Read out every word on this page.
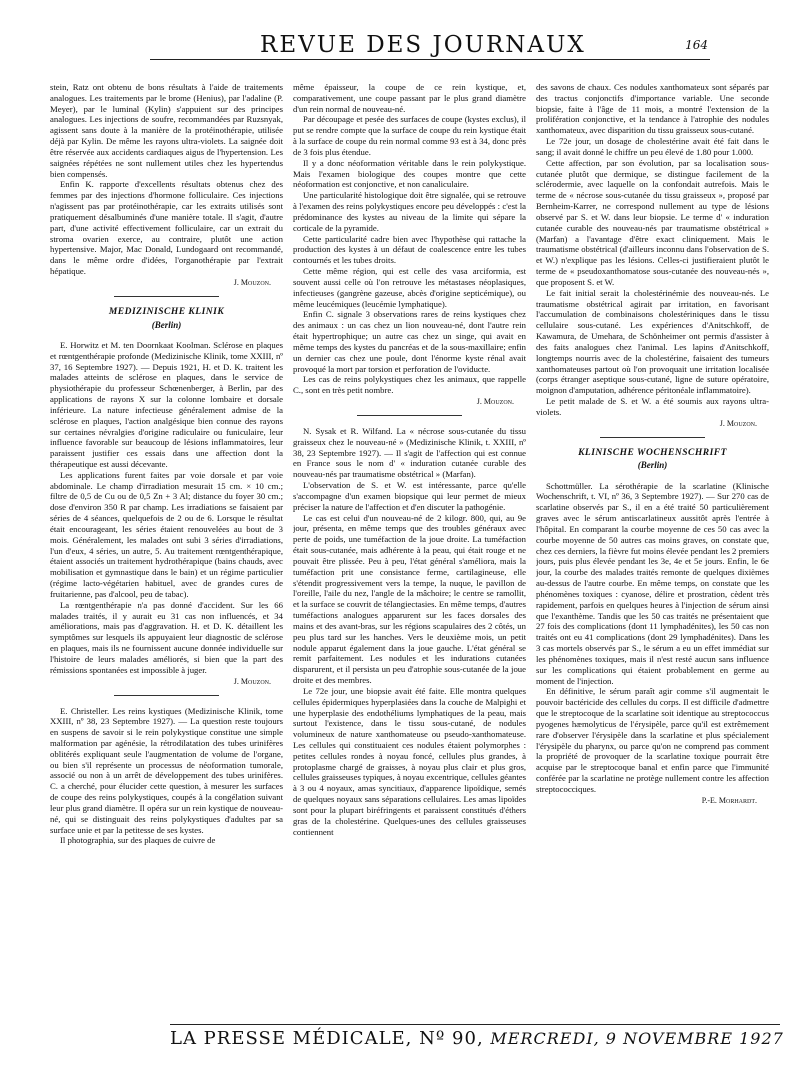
REVUE DES JOURNAUX	164

stein, Ratz ont obtenu de bons résultats à l'aide de traitements analogues. Les traitements par le brome (Henius), par l'adaline (P. Meyer), par le luminal (Kylin) s'appuient sur des principes analogues. Les injections de soufre, recommandées par Ruzsnyak, agissent sans doute à la manière de la protéinothérapie, utilisée déjà par Kylin. De même les rayons ultra-violets. La saignée doit être réservée aux accidents cardiaques aigus de l'hypertension. Les saignées répétées ne sont nullement utiles chez les hypertendus bien compensés.

Enfin K. rapporte d'excellents résultats obtenus chez des femmes par des injections d'hormone folliculaire. Ces injections n'agissent pas par protéinothérapie, car les extraits utilisés sont pratiquement désalbuminés d'une manière totale. Il s'agit, d'autre part, d'une activité effectivement folliculaire, car un extrait du stroma ovarien exerce, au contraire, plutôt une action hypertensive. Major, Mac Donald, Lundogaard ont recommandé, dans le même ordre d'idées, l'organothérapie par l'extrait hépatique.

J. Mouzon.
MEDIZINISCHE KLINIK
(Berlin)

E. Horwitz et M. ten Doornkaat Koolman. Sclérose en plaques et rœntgenthérapie profonde (Medizinische Klinik, tome XXIII, nº 37, 16 Septembre 1927). — Depuis 1921, H. et D. K. traitent les malades atteints de sclérose en plaques, dans le service de physiothérapie du professeur Schœnenberger, à Berlin, par des applications de rayons X sur la colonne lombaire et dorsale inférieure. La nature infectieuse généralement admise de la sclérose en plaques, l'action analgésique bien connue des rayons sur certaines névralgies d'origine radiculaire ou funiculaire, leur influence favorable sur beaucoup de lésions inflammatoires, leur paraissent justifier ces essais dans une affection dont la thérapeutique est aussi décevante.

Les applications furent faites par voie dorsale et par voie abdominale. Le champ d'irradiation mesurait 15 cm. × 10 cm.; filtre de 0,5 de Cu ou de 0,5 Zn + 3 Al; distance du foyer 30 cm.; dose d'environ 350 R par champ. Les irradiations se faisaient par séries de 4 séances, quelquefois de 2 ou de 6. Lorsque le résultat était encourageant, les séries étaient renouvelées au bout de 3 mois. Généralement, les malades ont subi 3 séries d'irradiations, l'un d'eux, 4 séries, un autre, 5. Au traitement rœntgenthérapique, étaient associés un traitement hydrothérapique (bains chauds, avec mobilisation et gymnastique dans le bain) et un régime particulier (régime lacto-végétarien habituel, avec de grandes cures de fruitarienne, pas d'alcool, peu de tabac).

La rœntgenthérapie n'a pas donné d'accident. Sur les 66 malades traités, il y aurait eu 31 cas non influencés, et 34 améliorations, mais pas d'aggravation. H. et D. K. détaillent les symptômes sur lesquels ils appuyaient leur diagnostic de sclérose en plaques, mais ils ne fournissent aucune donnée individuelle sur l'histoire de leurs malades améliorés, si bien que la part des rémissions spontanées est impossible à juger.

J. Mouzon.

E. Christeller. Les reins kystiques (Medizinische Klinik, tome XXIII, nº 38, 23 Septembre 1927). — La question reste toujours en suspens de savoir si le rein polykystique constitue une simple malformation par agénésie, la rétrodilatation des tubes urinifères oblitérés expliquant seule l'augmentation de volume de l'organe, ou bien s'il représente un processus de néoformation tumorale, associé ou non à un arrêt de développement des tubes urinifères. C. a cherché, pour élucider cette question, à mesurer les surfaces de coupe des reins polykystiques, coupés à la congélation suivant leur plus grand diamètre. Il opéra sur un rein kystique de nouveau-né, qui se distinguait des reins polykystiques d'adultes par sa surface unie et par la petitesse de ses kystes.

Il photographia, sur des plaques de cuivre de

même épaisseur, la coupe de ce rein kystique, et, comparativement, une coupe passant par le plus grand diamètre d'un rein normal de nouveau-né.

Par découpage et pesée des surfaces de coupe (kystes exclus), il put se rendre compte que la surface de coupe du rein kystique était à la surface de coupe du rein normal comme 93 est à 34, donc près de 3 fois plus étendue.

Il y a donc néoformation véritable dans le rein polykystique. Mais l'examen biologique des coupes montre que cette néoformation est conjonctive, et non canaliculaire.

Une particularité histologique doit être signalée, qui se retrouve à l'examen des reins polykystiques encore peu développés : c'est la prédominance des kystes au niveau de la limite qui sépare la corticale de la pyramide.

Cette particularité cadre bien avec l'hypothèse qui rattache la production des kystes à un défaut de coalescence entre les tubes contournés et les tubes droits.

Cette même région, qui est celle des vasa arciformia, est souvent aussi celle où l'on retrouve les métastases néoplasiques, infectieuses (gangrène gazeuse, abcès d'origine septicémique), ou même leucémiques (leucémie lymphatique).

Enfin C. signale 3 observations rares de reins kystiques chez des animaux : un cas chez un lion nouveau-né, dont l'autre rein était hypertrophique; un autre cas chez un singe, qui avait en même temps des kystes du pancréas et de la sous-maxillaire; enfin un dernier cas chez une poule, dont l'énorme kyste rénal avait provoqué la mort par torsion et perforation de l'oviducte.

Les cas de reins polykystiques chez les animaux, que rappelle C., sont en très petit nombre.

J. Mouzon.

N. Sysak et R. Wilfand. La « nécrose sous-cutanée du tissu graisseux chez le nouveau-né » (Medizinische Klinik, t. XXIII, nº 38, 23 Septembre 1927). — Il s'agit de l'affection qui est connue en France sous le nom d' « induration cutanée curable des nouveau-nés par traumatisme obstétrical » (Marfan).

L'observation de S. et W. est intéressante, parce qu'elle s'accompagne d'un examen biopsique qui leur permet de mieux préciser la nature de l'affection et d'en discuter la pathogénie.

Le cas est celui d'un nouveau-né de 2 kilogr. 800, qui, au 9e jour, présenta, en même temps que des troubles généraux avec perte de poids, une tuméfaction de la joue droite. La tuméfaction était sous-cutanée, mais adhérente à la peau, qui était rouge et ne pouvait être plissée. Peu à peu, l'état général s'améliora, mais la tuméfaction prit une consistance ferme, cartilagineuse, elle s'étendit progressivement vers la tempe, la nuque, le pavillon de l'oreille, l'aile du nez, l'angle de la mâchoire; le centre se ramollit, et la surface se couvrit de télangiectasies. En même temps, d'autres tuméfactions analogues apparurent sur les faces dorsales des mains et des avant-bras, sur les régions scapulaires des 2 côtés, un peu plus tard sur les hanches. Vers le deuxième mois, un petit nodule apparut également dans la joue gauche. L'état général se remit parfaitement. Les nodules et les indurations cutanées disparurent, et il persista un peu d'atrophie sous-cutanée de la joue droite et des membres.

Le 72e jour, une biopsie avait été faite. Elle montra quelques cellules épidermiques hyperplasiées dans la couche de Malpighi et une hyperplasie des endothéliums lymphatiques de la peau, mais surtout l'existence, dans le tissu sous-cutané, de nodules volumineux de nature xanthomateuse ou pseudo-xanthomateuse. Les cellules qui constituaient ces nodules étaient polymorphes : petites cellules rondes à noyau foncé, cellules plus grandes, à protoplasme chargé de graisses, à noyau plus clair et plus gros, cellules graisseuses typiques, à noyau excentrique, cellules géantes à 3 ou 4 noyaux, amas syncitiaux, d'apparence lipoïdique, semés de quelques noyaux sans séparations cellulaires. Les amas lipoïdes sont pour la plupart biréfringents et paraissent constitués d'éthers gras de la cholestérine. Quelques-unes des cellules graisseuses contiennent

des savons de chaux. Ces nodules xanthomateux sont séparés par des tractus conjonctifs d'importance variable. Une seconde biopsie, faite à l'âge de 11 mois, a montré l'extension de la prolifération conjonctive, et la tendance à l'atrophie des nodules xanthomateux, avec disparition du tissu graisseux sous-cutané.

Le 72e jour, un dosage de cholestérine avait été fait dans le sang; il avait donné le chiffre un peu élevé de 1.80 pour 1.000.

Cette affection, par son évolution, par sa localisation sous-cutanée plutôt que dermique, se distingue facilement de la sclérodermie, avec laquelle on la confondait autrefois. Mais le terme de « nécrose sous-cutanée du tissu graisseux », proposé par Bernheim-Karrer, ne correspond nullement au type de lésions observé par S. et W. dans leur biopsie. Le terme d' « induration cutanée curable des nouveau-nés par traumatisme obstétrical » (Marfan) a l'avantage d'être exact cliniquement. Mais le traumatisme obstétrical (d'ailleurs inconnu dans l'observation de S. et W.) n'explique pas les lésions. Celles-ci justifieraient plutôt le terme de « pseudoxanthomatose sous-cutanée des nouveau-nés », que proposent S. et W.

Le fait initial serait la cholestérinémie des nouveau-nés. Le traumatisme obstétrical agirait par irritation, en favorisant l'accumulation de combinaisons cholestériniques dans le tissu cellulaire sous-cutané. Les expériences d'Anitschkoff, de Kawamura, de Umehara, de Schönheimer ont permis d'assister à des faits analogues chez l'animal. Les lapins d'Anitschkoff, longtemps nourris avec de la cholestérine, faisaient des tumeurs xanthomateuses partout où l'on provoquait une irritation localisée (corps étranger aseptique sous-cutané, ligne de suture opératoire, moignon d'amputation, adhérence péritonéale inflammatoire).

Le petit malade de S. et W. a été soumis aux rayons ultra-violets.

J. Mouzon.
KLINISCHE WOCHENSCHRIFT
(Berlin)

Schottmüller. La sérothérapie de la scarlatine (Klinische Wochenschrift, t. VI, nº 36, 3 Septembre 1927). — Sur 270 cas de scarlatine observés par S., il en a été traité 50 particulièrement graves avec le sérum antiscarlatineux aussitôt après l'entrée à l'hôpital. En comparant la courbe moyenne de ces 50 cas avec la courbe moyenne de 50 autres cas moins graves, on constate que, chez ces derniers, la fièvre fut moins élevée pendant les 2 premiers jours, puis plus élevée pendant les 3e, 4e et 5e jours. Enfin, le 6e jour, la courbe des malades traités remonte de quelques dixièmes au-dessus de l'autre courbe. En même temps, on constate que les phénomènes toxiques : cyanose, délire et prostration, cèdent très rapidement, parfois en quelques heures à l'injection de sérum ainsi que l'exanthème. Tandis que les 50 cas traités ne présentaient que 27 fois des complications (dont 11 lymphadénites), les 50 cas non traités ont eu 41 complications (dont 29 lymphadénites). Dans les 3 cas mortels observés par S., le sérum a eu un effet immédiat sur les phénomènes toxiques, mais il n'est resté aucun sans influence sur les complications qui étaient probablement en germe au moment de l'injection.

En définitive, le sérum paraît agir comme s'il augmentait le pouvoir bactéricide des cellules du corps. Il est difficile d'admettre que le streptocoque de la scarlatine soit identique au streptococcus pyogenes hæmolyticus de l'érysipèle, parce qu'il est extrêmement rare d'observer l'érysipèle dans la scarlatine et plus spécialement l'érysipèle du pharynx, ou parce qu'on ne comprend pas comment la propriété de provoquer de la scarlatine toxique pourrait être acquise par le streptocoque banal et enfin parce que l'immunité conférée par la scarlatine ne protège nullement contre les affection streptococciques.

P.-E. Morhardt.
LA PRESSE MÉDICALE, Nº 90, MERCREDI, 9 NOVEMBRE 1927
